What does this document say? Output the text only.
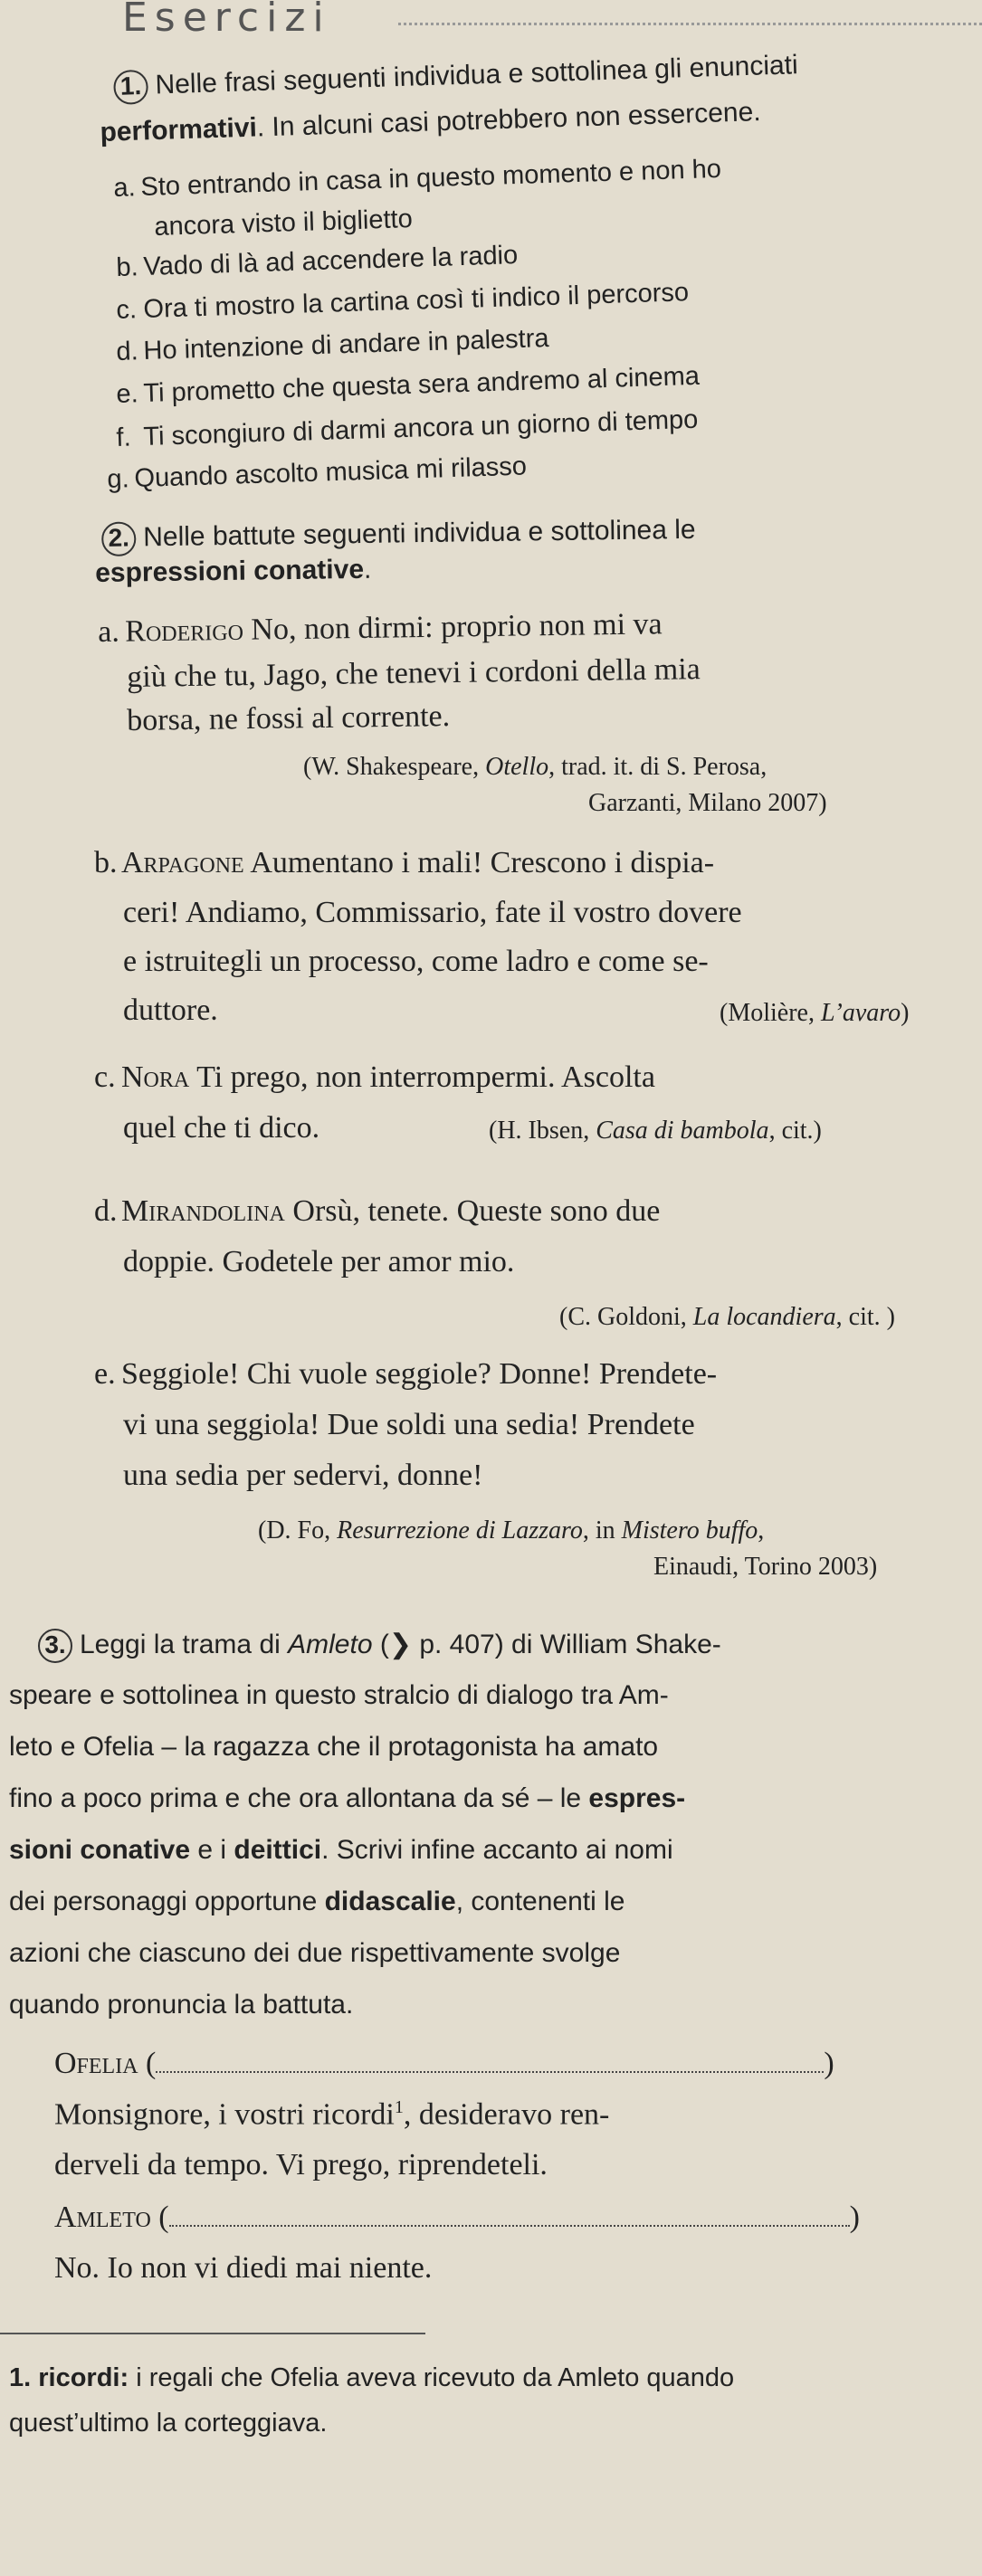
Esercizi
1. Nelle frasi seguenti individua e sottolinea gli enunciati
performativi. In alcuni casi potrebbero non essercene.
a. Sto entrando in casa in questo momento e non ho
ancora visto il biglietto
b. Vado di là ad accendere la radio
c. Ora ti mostro la cartina così ti indico il percorso
d. Ho intenzione di andare in palestra
e. Ti prometto che questa sera andremo al cinema
f. Ti scongiuro di darmi ancora un giorno di tempo
g. Quando ascolto musica mi rilasso
2. Nelle battute seguenti individua e sottolinea le
espressioni conative.
a. Roderigo No, non dirmi: proprio non mi va
giù che tu, Jago, che tenevi i cordoni della mia
borsa, ne fossi al corrente.
(W. Shakespeare, Otello, trad. it. di S. Perosa,
Garzanti, Milano 2007)
b. Arpagone Aumentano i mali! Crescono i dispia-
ceri! Andiamo, Commissario, fate il vostro dovere
e istruitegli un processo, come ladro e come se-
duttore.	(Molière, L’avaro)
c. Nora Ti prego, non interrompermi. Ascolta
quel che ti dico.	(H. Ibsen, Casa di bambola, cit.)
d. Mirandolina Orsù, tenete. Queste sono due
doppie. Godetele per amor mio.
(C. Goldoni, La locandiera, cit. )
e. Seggiole! Chi vuole seggiole? Donne! Prendete-
vi una seggiola! Due soldi una sedia! Prendete
una sedia per sedervi, donne!
(D. Fo, Resurrezione di Lazzaro, in Mistero buffo,
Einaudi, Torino 2003)
3. Leggi la trama di Amleto (❯ p. 407) di William Shake-
speare e sottolinea in questo stralcio di dialogo tra Am-
leto e Ofelia – la ragazza che il protagonista ha amato
fino a poco prima e che ora allontana da sé – le espres-
sioni conative e i deittici. Scrivi infine accanto ai nomi
dei personaggi opportune didascalie, contenenti le
azioni che ciascuno dei due rispettivamente svolge
quando pronuncia la battuta.
Ofelia (	)
Monsignore, i vostri ricordi$^1$, desideravo ren-
derveli da tempo. Vi prego, riprendeteli.
Amleto (	)
No. Io non vi diedi mai niente.
1. ricordi: i regali che Ofelia aveva ricevuto da Amleto quando
quest’ultimo la corteggiava.
